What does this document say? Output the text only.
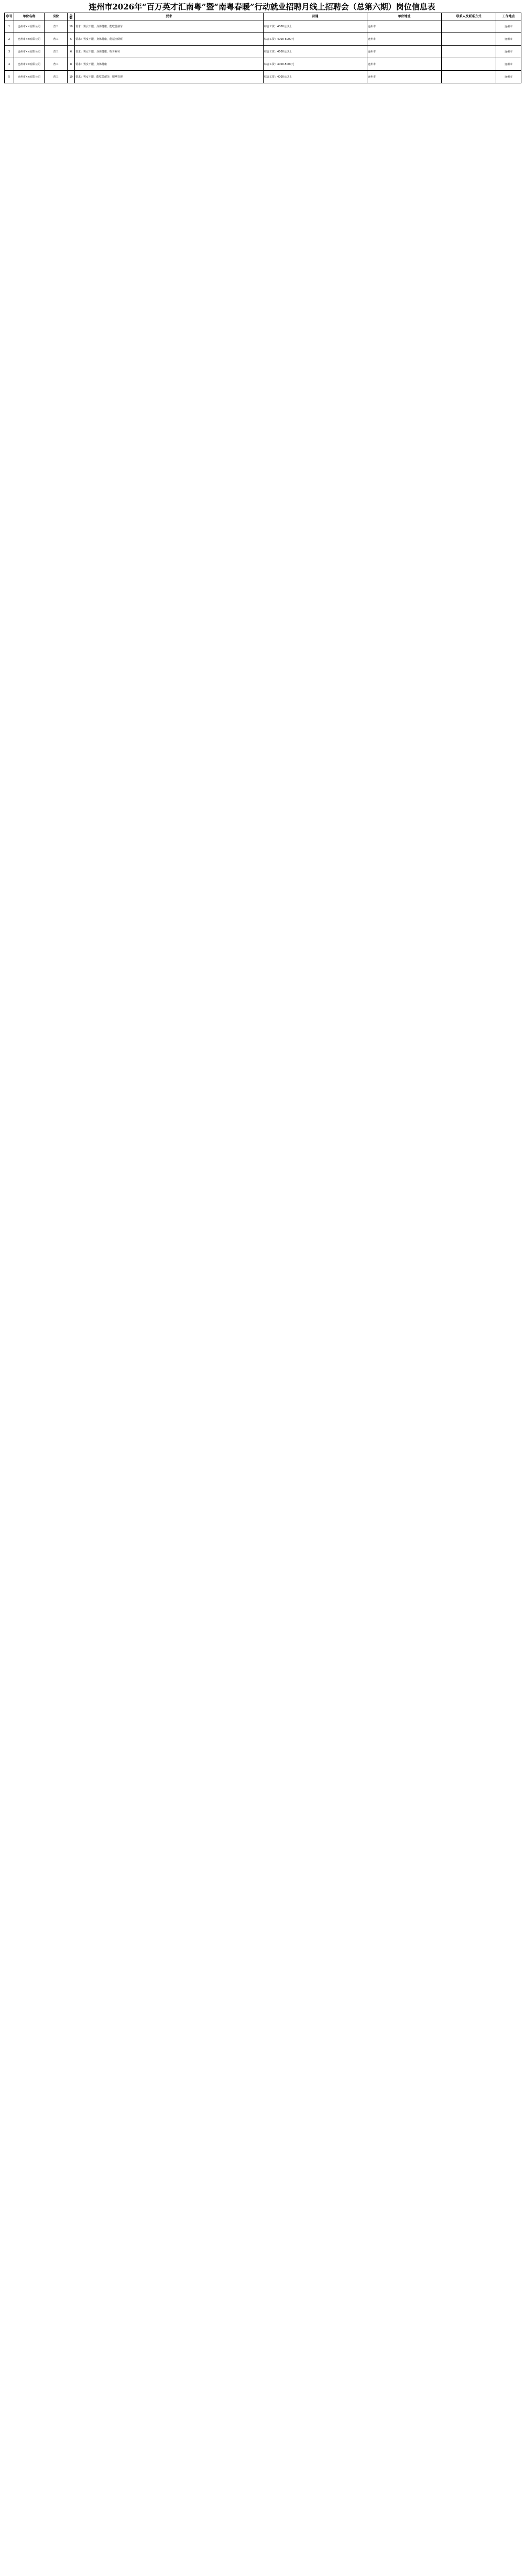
连州市2026年“百万英才汇南粤”暨“南粤春暖”行动就业招聘月线上招聘会（总第六期）岗位信息表
序号	单位名称	岗位	人数	要求	待遇	单位地址	联系人及联系方式	工作地点
1	连州市××有限公司	普工	10	要求：男女不限，身体健康，能吃苦耐劳	综合工资：4000元以上	连州市		连州市
2	连州市××有限公司	普工	5	要求：男女不限，身体健康，能适应倒班	综合工资：4000-6000元	连州市		连州市
3	连州市××有限公司	普工	6	要求：男女不限，身体健康，吃苦耐劳	综合工资：4500元以上	连州市		连州市
4	连州市××有限公司	普工	8	要求：男女不限，身体健康	综合工资：4000-5000元	连州市		连州市
5	连州市××有限公司	普工	10	要求：男女不限，能吃苦耐劳，服从管理	综合工资：4000元以上	连州市		连州市
